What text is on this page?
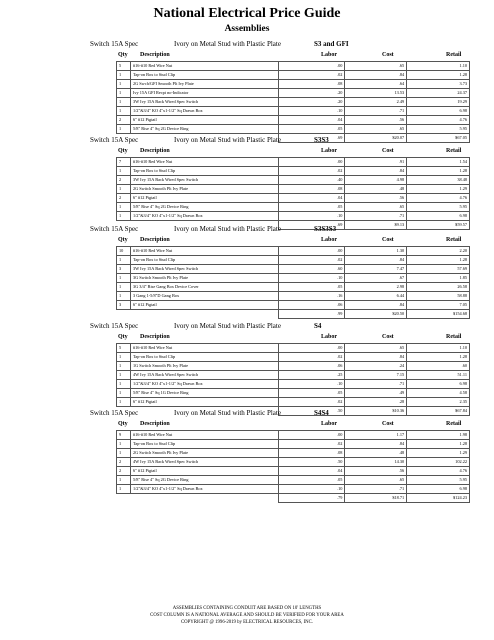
National Electrical Price Guide
Assemblies
Switch 15A Spec	Ivory on Metal Stud with Plastic Plate	S3 and GFI
Qty Description	Labor	Cost	Retail
5	#16-#10 Red Wire Nut	.00	.65	1.10
1	Tap-on Box to Stud Clip	.02	.84	1.28
1	2G Swch/GFI Smooth Plt Ivy Plate	.08	.64	3.73
1	Ivy 15A GFI Recpt no-Indicator	.20	13.53	24.37
1	3W Ivy 15A Back Wired Spec Switch	.20	2.49	19.29
1	1/2"&3/4" KO 4"x1-1/2" Sq Drawn Box	.10	.71	6.98
2	6" #12 Pigtail	.04	.56	4.76
1	5/8" Rise 4" Sq 2G Device Ring	.05	.65	5.95
		.69	$20.07	$67.05
Switch 15A Spec	Ivory on Metal Stud with Plastic Plate	S3S3
Qty Description	Labor	Cost	Retail
7	#16-#10 Red Wire Nut	.00	.91	1.54
1	Tap-on Box to Stud Clip	.02	.84	1.28
2	3W Ivy 15A Back Wired Spec Switch	.40	4.98	38.48
1	2G Switch Smooth Plt Ivy Plate	.08	.48	1.29
2	6" #12 Pigtail	.04	.56	4.76
1	5/8" Rise 4" Sq 2G Device Ring	.05	.65	5.95
1	1/2"&3/4" KO 4"x1-1/2" Sq Drawn Box	.10	.71	6.98
		.69	$9.13	$59.57
Switch 15A Spec	Ivory on Metal Stud with Plastic Plate	S3S3S3
Qty Description	Labor	Cost	Retail
10	#16-#10 Red Wire Nut	.00	1.30	2.20
1	Tap-on Box to Stud Clip	.02	.84	1.28
3	3W Ivy 15A Back Wired Spec Switch	.60	7.47	57.69
1	3G Switch Smooth Plt Ivy Plate	.10	.67	1.85
1	3G 3/4" Rise Gang Box Device Cover	.05	2.98	26.58
1	3 Gang 1-5/8"D Gang Box	.16	6.44	58.88
3	6" #12 Pigtail	.06	.84	7.05
		.99	$20.50	$154.68
Switch 15A Spec	Ivory on Metal Stud with Plastic Plate	S4
Qty Description	Labor	Cost	Retail
5	#16-#10 Red Wire Nut	.00	.65	1.10
1	Tap-on Box to Stud Clip	.02	.84	1.28
1	1G Switch Smooth Plt Ivy Plate	.06	.24	.60
1	4W Ivy 15A Back Wired Spec Switch	.25	7.15	51.11
1	1/2"&3/4" KO 4"x1-1/2" Sq Drawn Box	.10	.71	6.98
1	5/8" Rise 4" Sq 1G Device Ring	.05	.49	4.58
1	6" #12 Pigtail	.02	.28	2.35
		.50	$10.36	$67.84
Switch 15A Spec	Ivory on Metal Stud with Plastic Plate	S4S4
Qty Description	Labor	Cost	Retail
9	#16-#10 Red Wire Nut	.00	1.17	1.98
1	Tap-on Box to Stud Clip	.02	.84	1.28
1	2G Switch Smooth Plt Ivy Plate	.08	.48	1.29
2	4W Ivy 15A Back Wired Spec Switch	.50	14.30	102.22
2	6" #12 Pigtail	.04	.56	4.76
1	5/8" Rise 4" Sq 2G Device Ring	.05	.65	5.95
1	1/2"&3/4" KO 4"x1-1/2" Sq Drawn Box	.10	.71	6.98
		.79	$18.71	$124.23
ASSEMBLIES CONTAINING CONDUIT ARE BASED ON 10' LENGTHS
COST COLUMN IS A NATIONAL AVERAGE AND SHOULD BE VERIFIED FOR YOUR AREA
COPYRIGHT @ 1996-2019 by ELECTRICAL RESOURCES, INC.
